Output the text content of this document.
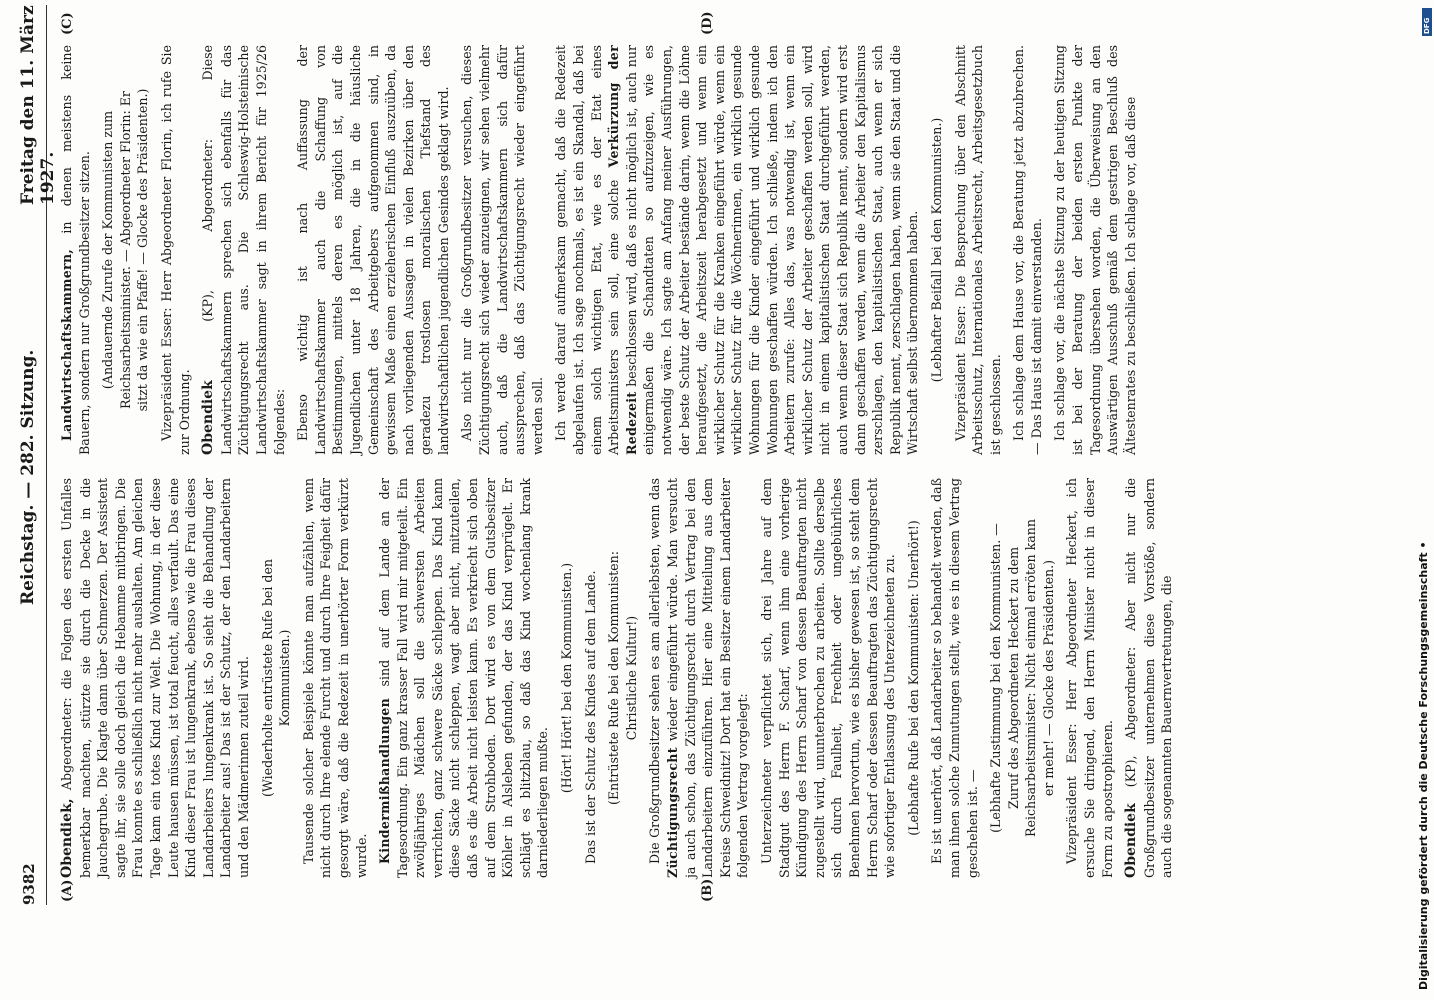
9382
Reichstag. — 282. Sitzung.
Freitag den 11. März 1927.
(A)	(B)
(C)	(D)

Obendiek, Abgeordneter: die Folgen des ersten Unfalles bemerkbar machten, stürzte sie durch die Decke in die Jauchegrube. Die Klagte dann über Schmerzen. Der Assistent sagte ihr, sie solle doch gleich die Hebamme mitbringen. Die Frau konnte es schließlich nicht mehr aushalten. Am gleichen Tage kam ein totes Kind zur Welt. Die Wohnung, in der diese Leute hausen müssen, ist total feucht, alles verfault. Das eine Kind dieser Frau ist lungenkrank, ebenso wie die Frau dieses Landarbeiters lungenkrank ist. So sieht die Behandlung der Landarbeiter aus! Das ist der Schutz, der den Landarbeitern und den Mädmerinnen zuteil wird. (Wiederholte entrüstete Rufe bei den Kommunisten.) Tausende solcher Beispiele könnte man aufzählen, wenn nicht durch Ihre elende Furcht und durch Ihre Feigheit dafür gesorgt wäre, daß die Redezeit in unerhörter Form verkürzt wurde. Kindermißhandlungen sind auf dem Lande an der Tagesordnung. Ein ganz krasser Fall wird mir mitgeteilt. Ein zwölfjähriges Mädchen soll die schwersten Arbeiten verrichten, ganz schwere Säcke schleppen. Das Kind kann diese Säcke nicht schleppen, wagt aber nicht, mitzuteilen, daß es die Arbeit nicht leisten kann. Es verkriecht sich oben auf dem Strohboden. Dort wird es von dem Gutsbesitzer Köhler in Alsleben gefunden, der das Kind verprügelt. Er schlägt es blitzblau, so daß das Kind wochenlang krank darniederliegen mußte.

(Hört! Hört! bei den Kommunisten.) Das ist der Schutz des Kindes auf dem Lande. (Entrüstete Rufe bei den Kommunisten: Christliche Kultur!) Die Großgrundbesitzer sehen es am allerliebsten, wenn das Züchtigungsrecht wieder eingeführt würde. Man versucht ja auch schon, das Züchtigungsrecht durch Vertrag bei den Landarbeitern einzuführen. Hier eine Mitteilung aus dem Kreise Schweidnitz! Dort hat ein Besitzer einem Landarbeiter folgenden Vertrag vorgelegt: Unterzeichneter verpflichtet sich, drei Jahre auf dem Stadtgut des Herrn F. Scharf, wenn ihm eine vorherige Kündigung des Herrn Scharf von dessen Beauftragten nicht zugestellt wird, ununterbrochen zu arbeiten. Sollte derselbe sich durch Faulheit, Frechheit oder ungebührliches Benehmen hervortun, wie es bisher gewesen ist, so steht dem Herrn Scharf oder dessen Beauftragten das Züchtigungsrecht wie sofortiger Entlassung des Unterzeichneten zu. (Lebhafte Rufe bei den Kommunisten: Unerhört!) Es ist unerhört, daß Landarbeiter so behandelt werden, daß man ihnen solche Zumutungen stellt, wie es in diesem Vertrag geschehen ist. — (Lebhafte Zustimmung bei den Kommunisten. — Zuruf des Abgeordneten Heckert zu dem Reichsarbeitsminister: Nicht einmal erröten kann er mehr! — Glocke des Präsidenten.) Vizepräsident Esser: Herr Abgeordneter Heckert, ich ersuche Sie dringend, den Herrn Minister nicht in dieser Form zu apostrophieren. Obendiek (KP), Abgeordneter: Aber nicht nur die Großgrundbesitzer unternehmen diese Vorstöße, sondern auch die sogenannten Bauernvertretungen, die

Landwirtschaftskammern, in denen meistens keine Bauern, sondern nur Großgrundbesitzer sitzen. (Andauernde Zurufe der Kommunisten zum Reichsarbeitsminister. — Abgeordneter Florin: Er sitzt da wie ein Pfaffe! — Glocke des Präsidenten.) Vizepräsident Esser: Herr Abgeordneter Florin, ich rufe Sie zur Ordnung. Obendiek (KP), Abgeordneter: Diese Landwirtschaftskammern sprechen sich ebenfalls für das Züchtigungsrecht aus. Die Schleswig-Holsteinische Landwirtschaftskammer sagt in ihrem Bericht für 1925/26 folgendes: Ebenso wichtig ist nach Auffassung der Landwirtschaftskammer auch die Schaffung von Bestimmungen, mittels deren es möglich ist, auf die Jugendlichen unter 18 Jahren, die in die häusliche Gemeinschaft des Arbeitgebers aufgenommen sind, in gewissem Maße einen erzieherischen Einfluß auszuüben, da nach vorliegenden Aussagen in vielen Bezirken über den geradezu trostlosen moralischen Tiefstand des landwirtschaftlichen jugendlichen Gesindes geklagt wird. Also nicht nur die Großgrundbesitzer versuchen, dieses Züchtigungsrecht sich wieder anzueignen, wir sehen vielmehr auch, daß die Landwirtschaftskammern sich dafür aussprechen, daß das Züchtigungsrecht wieder eingeführt werden soll. Ich werde darauf aufmerksam gemacht, daß die Redezeit abgelaufen ist. Ich sage nochmals, es ist ein Skandal, daß bei einem solch wichtigen Etat, wie es der Etat eines Arbeitsministers sein soll, eine solche Verkürzung der Redezeit beschlossen wird, daß es nicht möglich ist, auch nur einigermaßen die Schandtaten so aufzuzeigen, wie es notwendig wäre. Ich sagte am Anfang meiner Ausführungen, der beste Schutz der Arbeiter bestände darin, wenn die Löhne heraufgesetzt, die Arbeitszeit herabgesetzt und wenn ein wirklicher Schutz für die Kranken eingeführt würde, wenn ein wirklicher Schutz für die Wöchnerinnen, ein wirklich gesunde Wohnungen für die Kinder eingeführt und wirklich gesunde Wohnungen geschaffen würden. Ich schließe, indem ich den Arbeitern zurufe: Alles das, was notwendig ist, wenn ein wirklicher Schutz der Arbeiter geschaffen werden soll, wird nicht in einem kapitalistischen Staat durchgeführt werden, auch wenn dieser Staat sich Republik nennt, sondern wird erst dann geschaffen werden, wenn die Arbeiter den Kapitalismus zerschlagen, den kapitalistischen Staat, auch wenn er sich Republik nennt, zerschlagen haben, wenn sie den Staat und die Wirtschaft selbst übernommen haben. (Lebhafter Beifall bei den Kommunisten.) Vizepräsident Esser: Die Besprechung über den Abschnitt Arbeitsschutz, Internationales Arbeitsrecht, Arbeitsgesetzbuch ist geschlossen. Ich schlage dem Hause vor, die Beratung jetzt abzubrechen. — Das Haus ist damit einverstanden. Ich schlage vor, die nächste Sitzung zu der heutigen Sitzung ist bei der Beratung der beiden ersten Punkte der Tagesordnung übersehen worden, die Überweisung an den Auswärtigen Ausschuß gemäß dem gestrigen Beschluß des Ältestenrates zu beschließen. Ich schlage vor, daß diese

Digitalisierung gefördert durch die Deutsche Forschungsgemeinschaft •
DFG
